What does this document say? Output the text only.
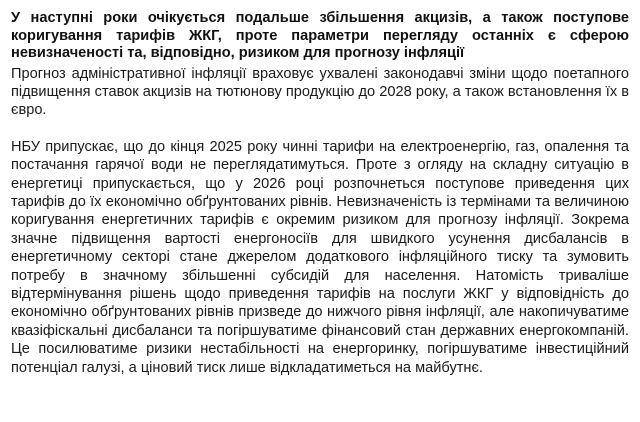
У наступні роки очікується подальше збільшення акцизів, а також поступове коригування тарифів ЖКГ, проте параметри перегляду останніх є сферою невизначеності та, відповідно, ризиком для прогнозу інфляції

Прогноз адміністративної інфляції враховує ухвалені законодавчі зміни щодо поетапного підвищення ставок акцизів на тютюнову продукцію до 2028 року, а також встановлення їх в євро.

НБУ припускає, що до кінця 2025 року чинні тарифи на електроенергію, газ, опалення та постачання гарячої води не переглядатимуться. Проте з огляду на складну ситуацію в енергетиці припускається, що у 2026 році розпочнеться поступове приведення цих тарифів до їх економічно обґрунтованих рівнів. Невизначеність із термінами та величиною коригування енергетичних тарифів є окремим ризиком для прогнозу інфляції. Зокрема значне підвищення вартості енергоносіїв для швидкого усунення дисбалансів в енергетичному секторі стане джерелом додаткового інфляційного тиску та зумовить потребу в значному збільшенні субсидій для населення. Натомість триваліше відтермінування рішень щодо приведення тарифів на послуги ЖКГ у відповідність до економічно обґрунтованих рівнів призведе до нижчого рівня інфляції, але накопичуватиме квазіфіскальні дисбаланси та погіршуватиме фінансовий стан державних енергокомпаній. Це посилюватиме ризики нестабільності на енергоринку, погіршуватиме інвестиційний потенціал галузі, а ціновий тиск лише відкладатиметься на майбутнє.
